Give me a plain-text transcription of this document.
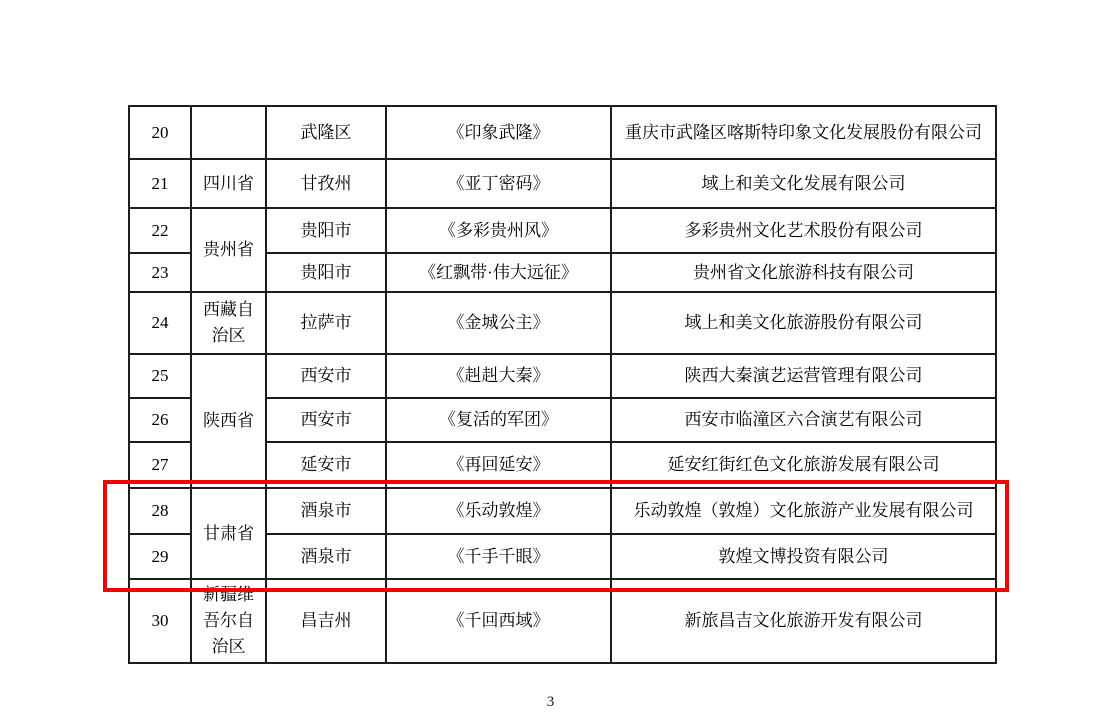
20		武隆区	《印象武隆》	重庆市武隆区喀斯特印象文化发展股份有限公司
21	四川省	甘孜州	《亚丁密码》	域上和美文化发展有限公司
22	贵州省	贵阳市	《多彩贵州风》	多彩贵州文化艺术股份有限公司
23		贵阳市	《红飘带·伟大远征》	贵州省文化旅游科技有限公司
24	西藏自治区	拉萨市	《金城公主》	域上和美文化旅游股份有限公司
25	陕西省	西安市	《赳赳大秦》	陕西大秦演艺运营管理有限公司
26		西安市	《复活的军团》	西安市临潼区六合演艺有限公司
27		延安市	《再回延安》	延安红街红色文化旅游发展有限公司
28	甘肃省	酒泉市	《乐动敦煌》	乐动敦煌（敦煌）文化旅游产业发展有限公司
29		酒泉市	《千手千眼》	敦煌文博投资有限公司
30	新疆维吾尔自治区	昌吉州	《千回西域》	新旅昌吉文化旅游开发有限公司
3
